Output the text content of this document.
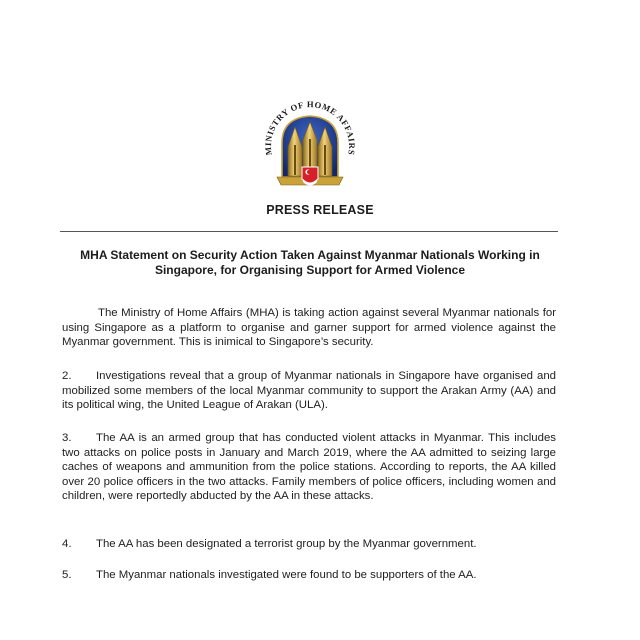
MINISTRY OF HOME AFFAIRS
PRESS RELEASE
MHA Statement on Security Action Taken Against Myanmar Nationals Working in
Singapore, for Organising Support for Armed Violence

The Ministry of Home Affairs (MHA) is taking action against several Myanmar nationals for using Singapore as a platform to organise and garner support for armed violence against the Myanmar government. This is inimical to Singapore’s security.

2. Investigations reveal that a group of Myanmar nationals in Singapore have organised and mobilized some members of the local Myanmar community to support the Arakan Army (AA) and its political wing, the United League of Arakan (ULA).

3. The AA is an armed group that has conducted violent attacks in Myanmar. This includes two attacks on police posts in January and March 2019, where the AA admitted to seizing large caches of weapons and ammunition from the police stations. According to reports, the AA killed over 20 police officers in the two attacks. Family members of police officers, including women and children, were reportedly abducted by the AA in these attacks.

4. The AA has been designated a terrorist group by the Myanmar government.

5. The Myanmar nationals investigated were found to be supporters of the AA.
